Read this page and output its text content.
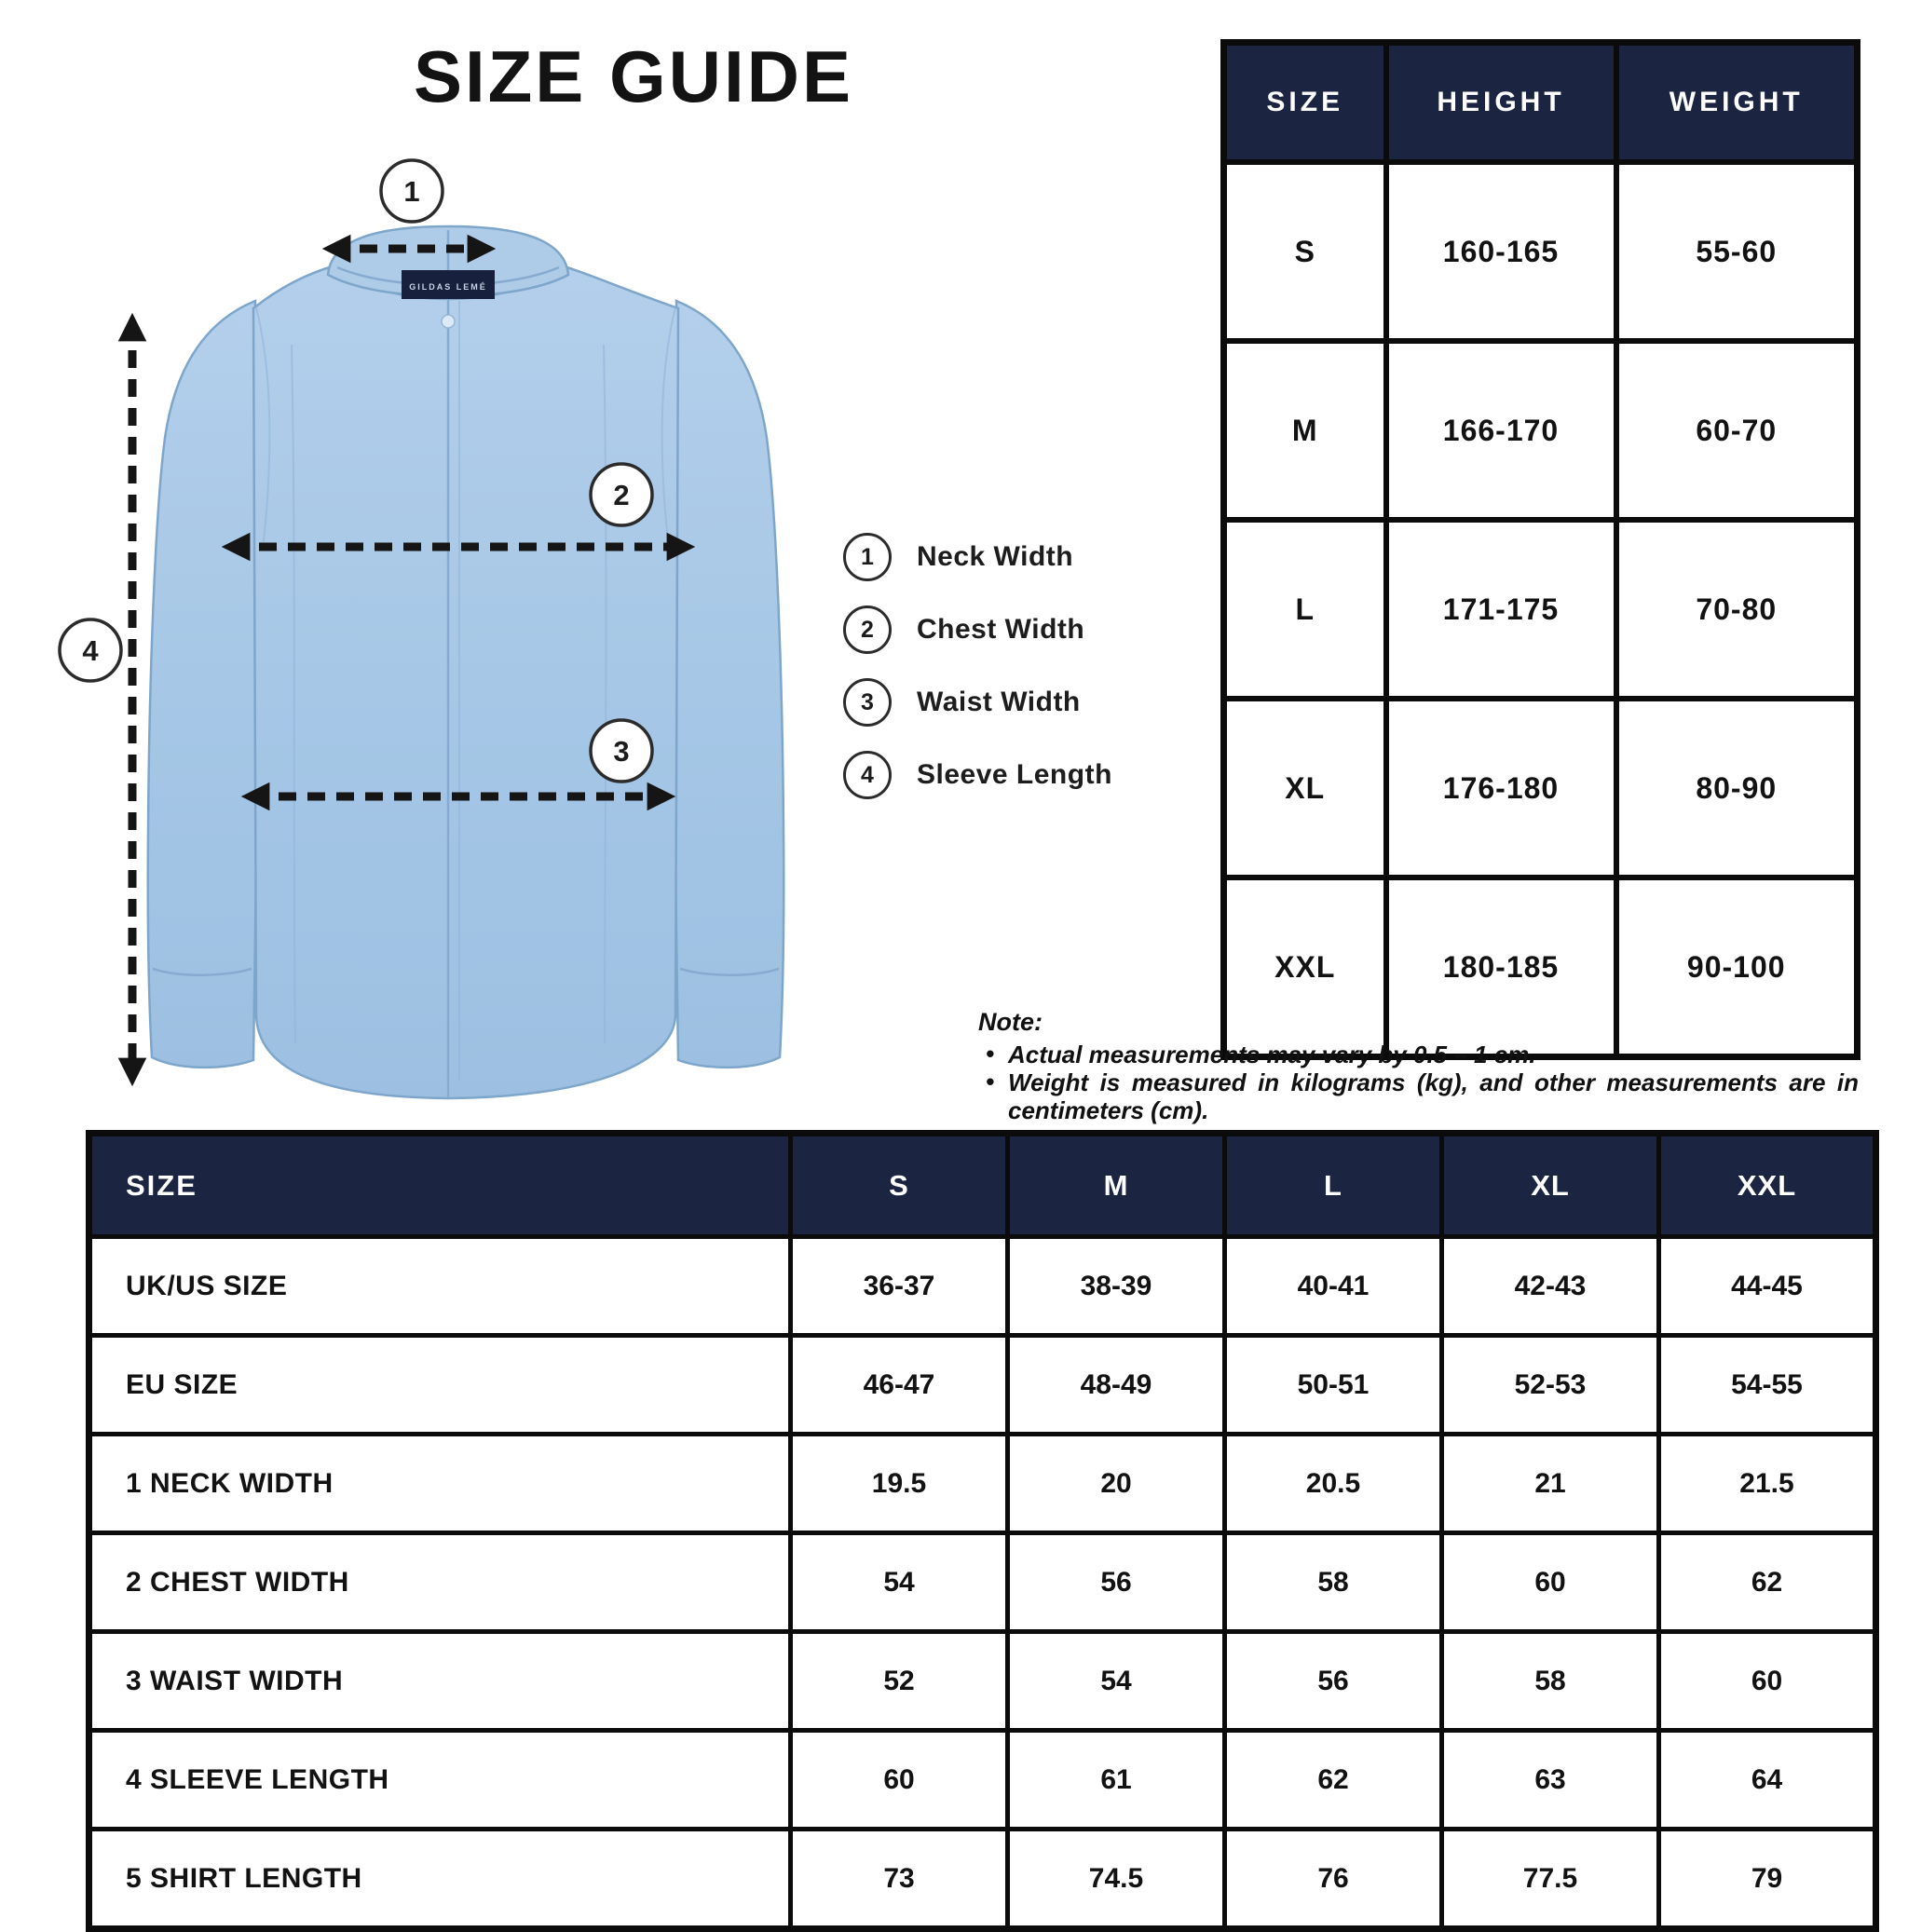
SIZE GUIDE
GILDAS LEMÉ
1
2
3
4
1	Neck Width
2	Chest Width
3	Waist Width
4	Sleeve Length
SIZE	HEIGHT	WEIGHT
S	160-165	55-60
M	166-170	60-70
L	171-175	70-80
XL	176-180	80-90
XXL	180-185	90-100
Note:
• Actual measurements may vary by 0.5 – 1 cm.
• Weight is measured in kilograms (kg), and other measurements are in centimeters (cm).
SIZE	S	M	L	XL	XXL
UK/US SIZE	36-37	38-39	40-41	42-43	44-45
EU SIZE	46-47	48-49	50-51	52-53	54-55
1 NECK WIDTH	19.5	20	20.5	21	21.5
2 CHEST WIDTH	54	56	58	60	62
3 WAIST WIDTH	52	54	56	58	60
4 SLEEVE LENGTH	60	61	62	63	64
5 SHIRT LENGTH	73	74.5	76	77.5	79
